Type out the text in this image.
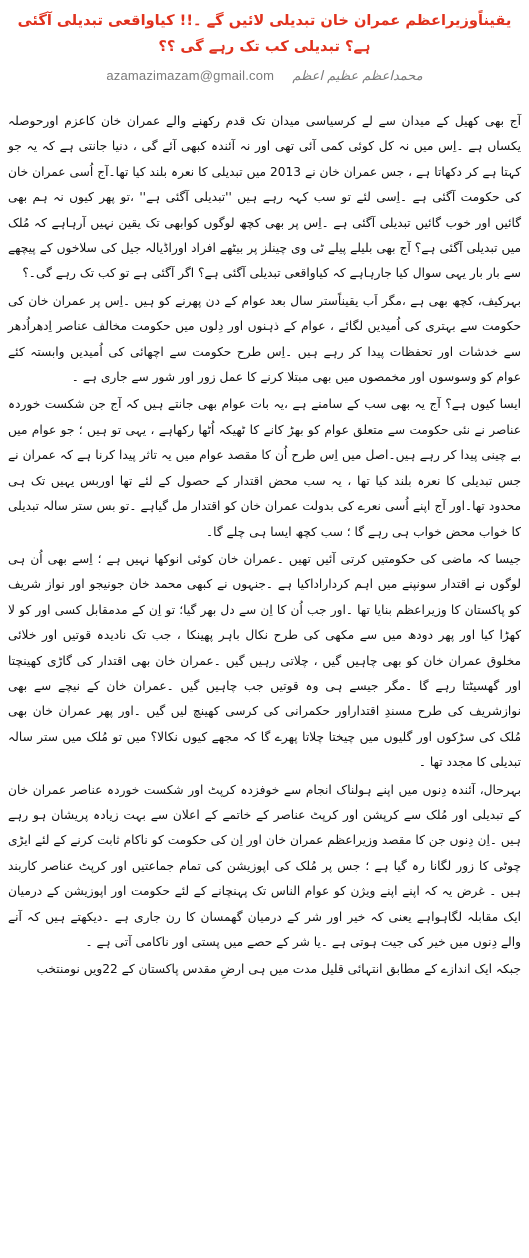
یقیناًوزیراعظم عمران خان تبدیلی لائیں گے ۔!! کیاواقعی تبدیلی آگئی ہے؟ تبدیلی کب تک رہے گی ؟؟
azamazimazam@gmail.com محمداعظم عظیم اعظم

آج بھی کھیل کے میدان سے لے کرسیاسی میدان تک قدم رکھنے والے عمران خان کاعزم اورحوصلہ یکساں ہے ۔اِس میں نہ کل کوئی کمی آئی تھی اور نہ آئندہ کبھی آئے گی ، دنیا جانتی ہے کہ یہ جو کہتا ہے کر دکھاتا ہے ، جس عمران خان نے 2013 میں تبدیلی کا نعرہ بلند کیا تھا۔آج اُسی عمران خان کی حکومت آگئی ہے ۔اِسی لئے تو سب کہہ رہے ہیں ''تبدیلی آگئی ہے'' ،تو پھر کیوں نہ ہم بھی گائیں اور خوب گائیں تبدیلی آگئی ہے ۔اِس پر بھی کچھ لوگوں کوابھی تک یقین نہیں آرہاہے کہ مُلک میں تبدیلی آگئی ہے؟ آج بھی بلیلے پیلے ٹی وی چینلز پر بیٹھے افراد اوراڈیالہ جیل کی سلاخوں کے پیچھے سے بار بار یہی سوال کیا جارہاہے کہ کیاواقعی تبدیلی آگئی ہے؟ اگر آگئی ہے تو کب تک رہے گی۔؟

بہرکیف، کچھ بھی ہے ،مگر اَب یقیناًستر سال بعد عوام کے دن پھرنے کو ہیں ۔اِس پر عمران خان کی حکومت سے بہتری کی اُمیدیں لگائے ، عوام کے ذہنوں اور دِلوں میں حکومت مخالف عناصر اِدھراُدھر سے خدشات اور تحفظات پیدا کر رہے ہیں ۔اِس طرح حکومت سے اچھائی کی اُمیدیں وابستہ کئے عوام کو وسوسوں اور مخمصوں میں بھی مبتلا کرنے کا عمل زور اور شور سے جاری ہے ۔

ایسا کیوں ہے؟ آج یہ بھی سب کے سامنے ہے ،یہ بات عوام بھی جانتے ہیں کہ آج جن شکست خوردہ عناصر نے نئی حکومت سے متعلق عوام کو بھڑ کانے کا ٹھیکہ اُٹھا رکھاہے ، یہی تو ہیں ؛ جو عوام میں بے چینی پیدا کر رہے ہیں۔اصل میں اِس طرح اُن کا مقصد عوام میں یہ تاثر پیدا کرنا ہے کہ عمران نے جس تبدیلی کا نعرہ بلند کیا تھا ، یہ سب محض اقتدار کے حصول کے لئے تھا اوربس یہیں تک ہی محدود تھا۔اور آج اپنے اُسی نعرے کی بدولت عمران خان کو اقتدار مل گیاہے ۔تو بس ستر سالہ تبدیلی کا خواب محض خواب ہی رہے گا ؛ سب کچھ ایسا ہی چلے گا۔

جیسا کہ ماضی کی حکومتیں کرتی آئیں تھیں ۔عمران خان کوئی انوکھا نہیں ہے ؛ اِسے بھی اُن ہی لوگوں نے اقتدار سونپنے میں اہم کرداراداکیا ہے ۔جنہوں نے کبھی محمد خان جونیجو اور نواز شریف کو پاکستان کا وزیراعظم بنایا تھا ۔اور جب اُن کا اِن سے دل بھر گیا؛ تو اِن کے مدمقابل کسی اور کو لا کھڑا کیا اور پھر دودھ میں سے مکھی کی طرح نکال باہر پھینکا ، جب تک نادیدہ قوتیں اور خلائی مخلوق عمران خان کو بھی چاہیں گیں ، چلاتی رہیں گیں ۔عمران خان بھی اقتدار کی گاڑی کھینچتا اور گھسیٹتا رہے گا ۔مگر جیسے ہی وہ قوتیں جب چاہیں گیں ۔عمران خان کے نیچے سے بھی نوازشریف کی طرح مسندِ اقتداراور حکمرانی کی کرسی کھینچ لیں گیں ۔اور پھر عمران خان بھی مُلک کی سڑکوں اور گلیوں میں چیختا چلاتا پھرے گا کہ مجھے کیوں نکالا؟ میں تو مُلک میں ستر سالہ تبدیلی کا مجدد تھا ۔

بہرحال، آئندہ دِنوں میں اپنے ہولناک انجام سے خوفزدہ کرپٹ اور شکست خوردہ عناصر عمران خان کے تبدیلی اور مُلک سے کرپشن اور کرپٹ عناصر کے خاتمے کے اعلان سے بہت زیادہ پریشان ہو رہے ہیں ۔اِن دِنوں جن کا مقصد وزیراعظم عمران خان اور اِن کی حکومت کو ناکام ثابت کرنے کے لئے ایڑی چوٹی کا زور لگانا رہ گیا ہے ؛ جس پر مُلک کی اپوزیشن کی تمام جماعتیں اور کرپٹ عناصر کاربند ہیں ۔ غرض یہ کہ اپنے اپنے ویژن کو عوام الناس تک پہنچانے کے لئے حکومت اور اپوزیشن کے درمیان ایک مقابلہ لگاہواہے یعنی کہ خیر اور شر کے درمیان گھمسان کا رن جاری ہے ۔دیکھتے ہیں کہ آنے والے دِنوں میں خیر کی جیت ہوتی ہے ۔یا شر کے حصے میں پستی اور ناکامی آتی ہے ۔

جبکہ ایک اندازے کے مطابق انتہائی قلیل مدت میں ہی ارضِ مقدس پاکستان کے 22ویں نومنتخب
